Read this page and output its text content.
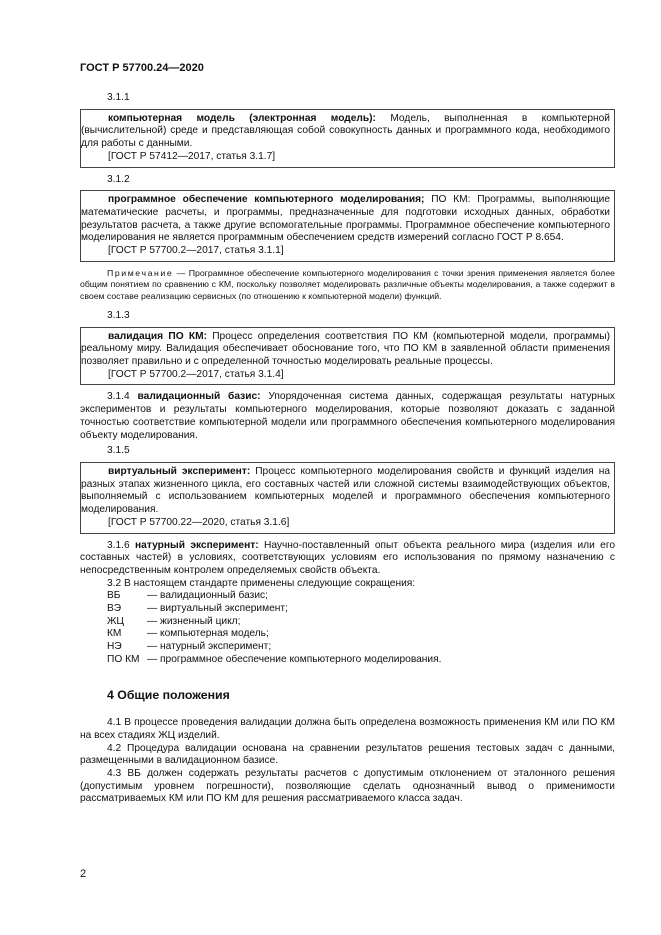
ГОСТ Р 57700.24—2020
3.1.1
компьютерная модель (электронная модель): Модель, выполненная в компьютерной (вычислительной) среде и представляющая собой совокупность данных и программного кода, необходимого для работы с данными.
[ГОСТ Р 57412—2017, статья 3.1.7]
3.1.2
программное обеспечение компьютерного моделирования; ПО КМ: Программы, выполняющие математические расчеты, и программы, предназначенные для подготовки исходных данных, обработки результатов расчета, а также другие вспомогательные программы. Программное обеспечение компьютерного моделирования не является программным обеспечением средств измерений согласно ГОСТ Р 8.654.
[ГОСТ Р 57700.2—2017, статья 3.1.1]
Примечание — Программное обеспечение компьютерного моделирования с точки зрения применения является более общим понятием по сравнению с КМ, поскольку позволяет моделировать различные объекты моделирования, а также содержит в своем составе реализацию сервисных (по отношению к компьютерной модели) функций.
3.1.3
валидация ПО КМ: Процесс определения соответствия ПО КМ (компьютерной модели, программы) реальному миру. Валидация обеспечивает обоснование того, что ПО КМ в заявленной области применения позволяет правильно и с определенной точностью моделировать реальные процессы.
[ГОСТ Р 57700.2—2017, статья 3.1.4]
3.1.4 валидационный базис: Упорядоченная система данных, содержащая результаты натурных экспериментов и результаты компьютерного моделирования, которые позволяют доказать с заданной точностью соответствие компьютерной модели или программного обеспечения компьютерного моделирования объекту моделирования.
3.1.5
виртуальный эксперимент: Процесс компьютерного моделирования свойств и функций изделия на разных этапах жизненного цикла, его составных частей или сложной системы взаимодействующих объектов, выполняемый с использованием компьютерных моделей и программного обеспечения компьютерного моделирования.
[ГОСТ Р 57700.22—2020, статья 3.1.6]
3.1.6 натурный эксперимент: Научно-поставленный опыт объекта реального мира (изделия или его составных частей) в условиях, соответствующих условиям его использования по прямому назначению с непосредственным контролем определяемых свойств объекта.
3.2 В настоящем стандарте применены следующие сокращения:
ВБ	— валидационный базис;
ВЭ	— виртуальный эксперимент;
ЖЦ	— жизненный цикл;
КМ	— компьютерная модель;
НЭ	— натурный эксперимент;
ПО КМ — программное обеспечение компьютерного моделирования.
4 Общие положения
4.1 В процессе проведения валидации должна быть определена возможность применения КМ или ПО КМ на всех стадиях ЖЦ изделий.
4.2 Процедура валидации основана на сравнении результатов решения тестовых задач с данными, размещенными в валидационном базисе.
4.3 ВБ должен содержать результаты расчетов с допустимым отклонением от эталонного решения (допустимым уровнем погрешности), позволяющие сделать однозначный вывод о применимости рассматриваемых КМ или ПО КМ для решения рассматриваемого класса задач.
2
